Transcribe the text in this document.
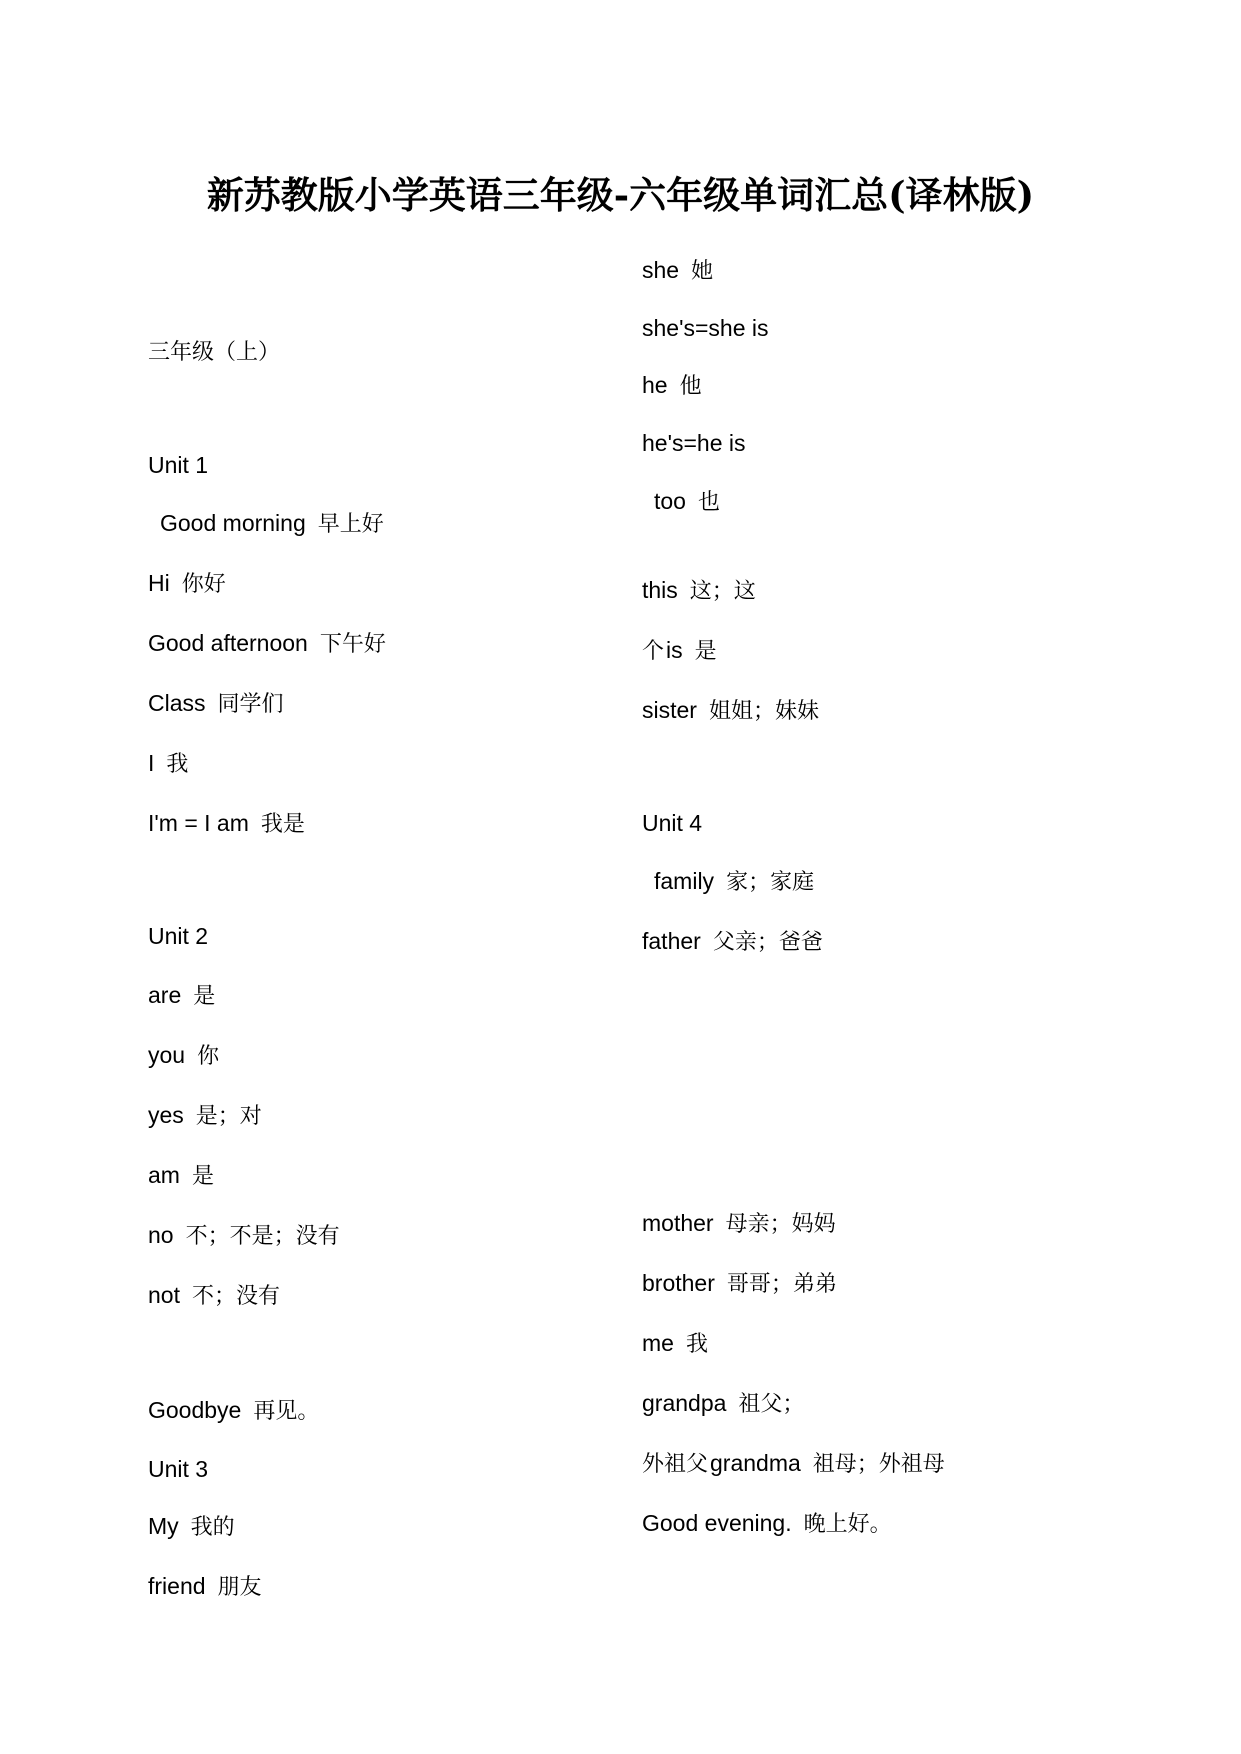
新苏教版小学英语三年级-六年级单词汇总(译林版)
三年级（上）
Unit 1
Good morning 早上好
Hi 你好
Good afternoon 下午好
Class 同学们
I 我
I'm = I am 我是
Unit 2
are 是
you 你
yes 是；对
am 是
no 不；不是；没有
not 不；没有
Goodbye 再见。
Unit 3
My 我的
friend 朋友
she 她
she's=she is
he 他
he's=he is
too 也
this 这；这
个is 是
sister 姐姐；妹妹
Unit 4
family 家；家庭
father 父亲；爸爸
mother 母亲；妈妈
brother 哥哥；弟弟
me 我
grandpa 祖父；
外祖父grandma 祖母；外祖母
Good evening. 晚上好。
